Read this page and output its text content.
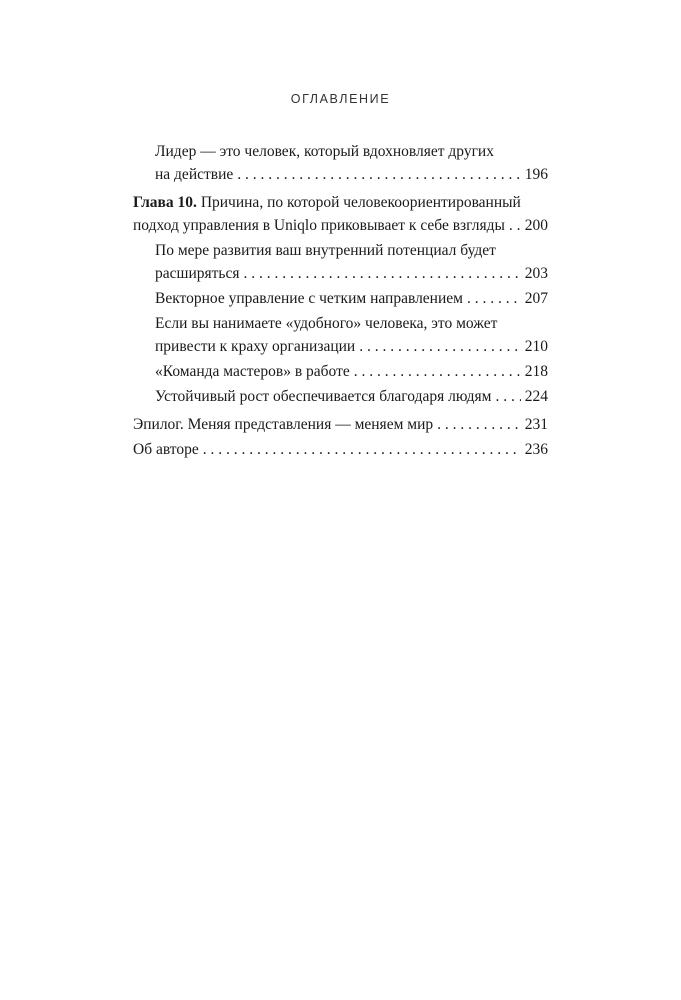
ОГЛАВЛЕНИЕ
Лидер — это человек, который вдохновляет других
на действие . . .	196
Глава 10. Причина, по которой человекоориентированный
подход управления в Uniqlo приковывает к себе взгляды . . . 200
По мере развития ваш внутренний потенциал будет
расширяться . . .	203
Векторное управление с четким направлением . . .	207
Если вы нанимаете «удобного» человека, это может
привести к краху организации . . .	210
«Команда мастеров» в работе . . .	218
Устойчивый рост обеспечивается благодаря людям . . . 224
Эпилог. Меняя представления — меняем мир . . .	231
Об авторе . . .	236
